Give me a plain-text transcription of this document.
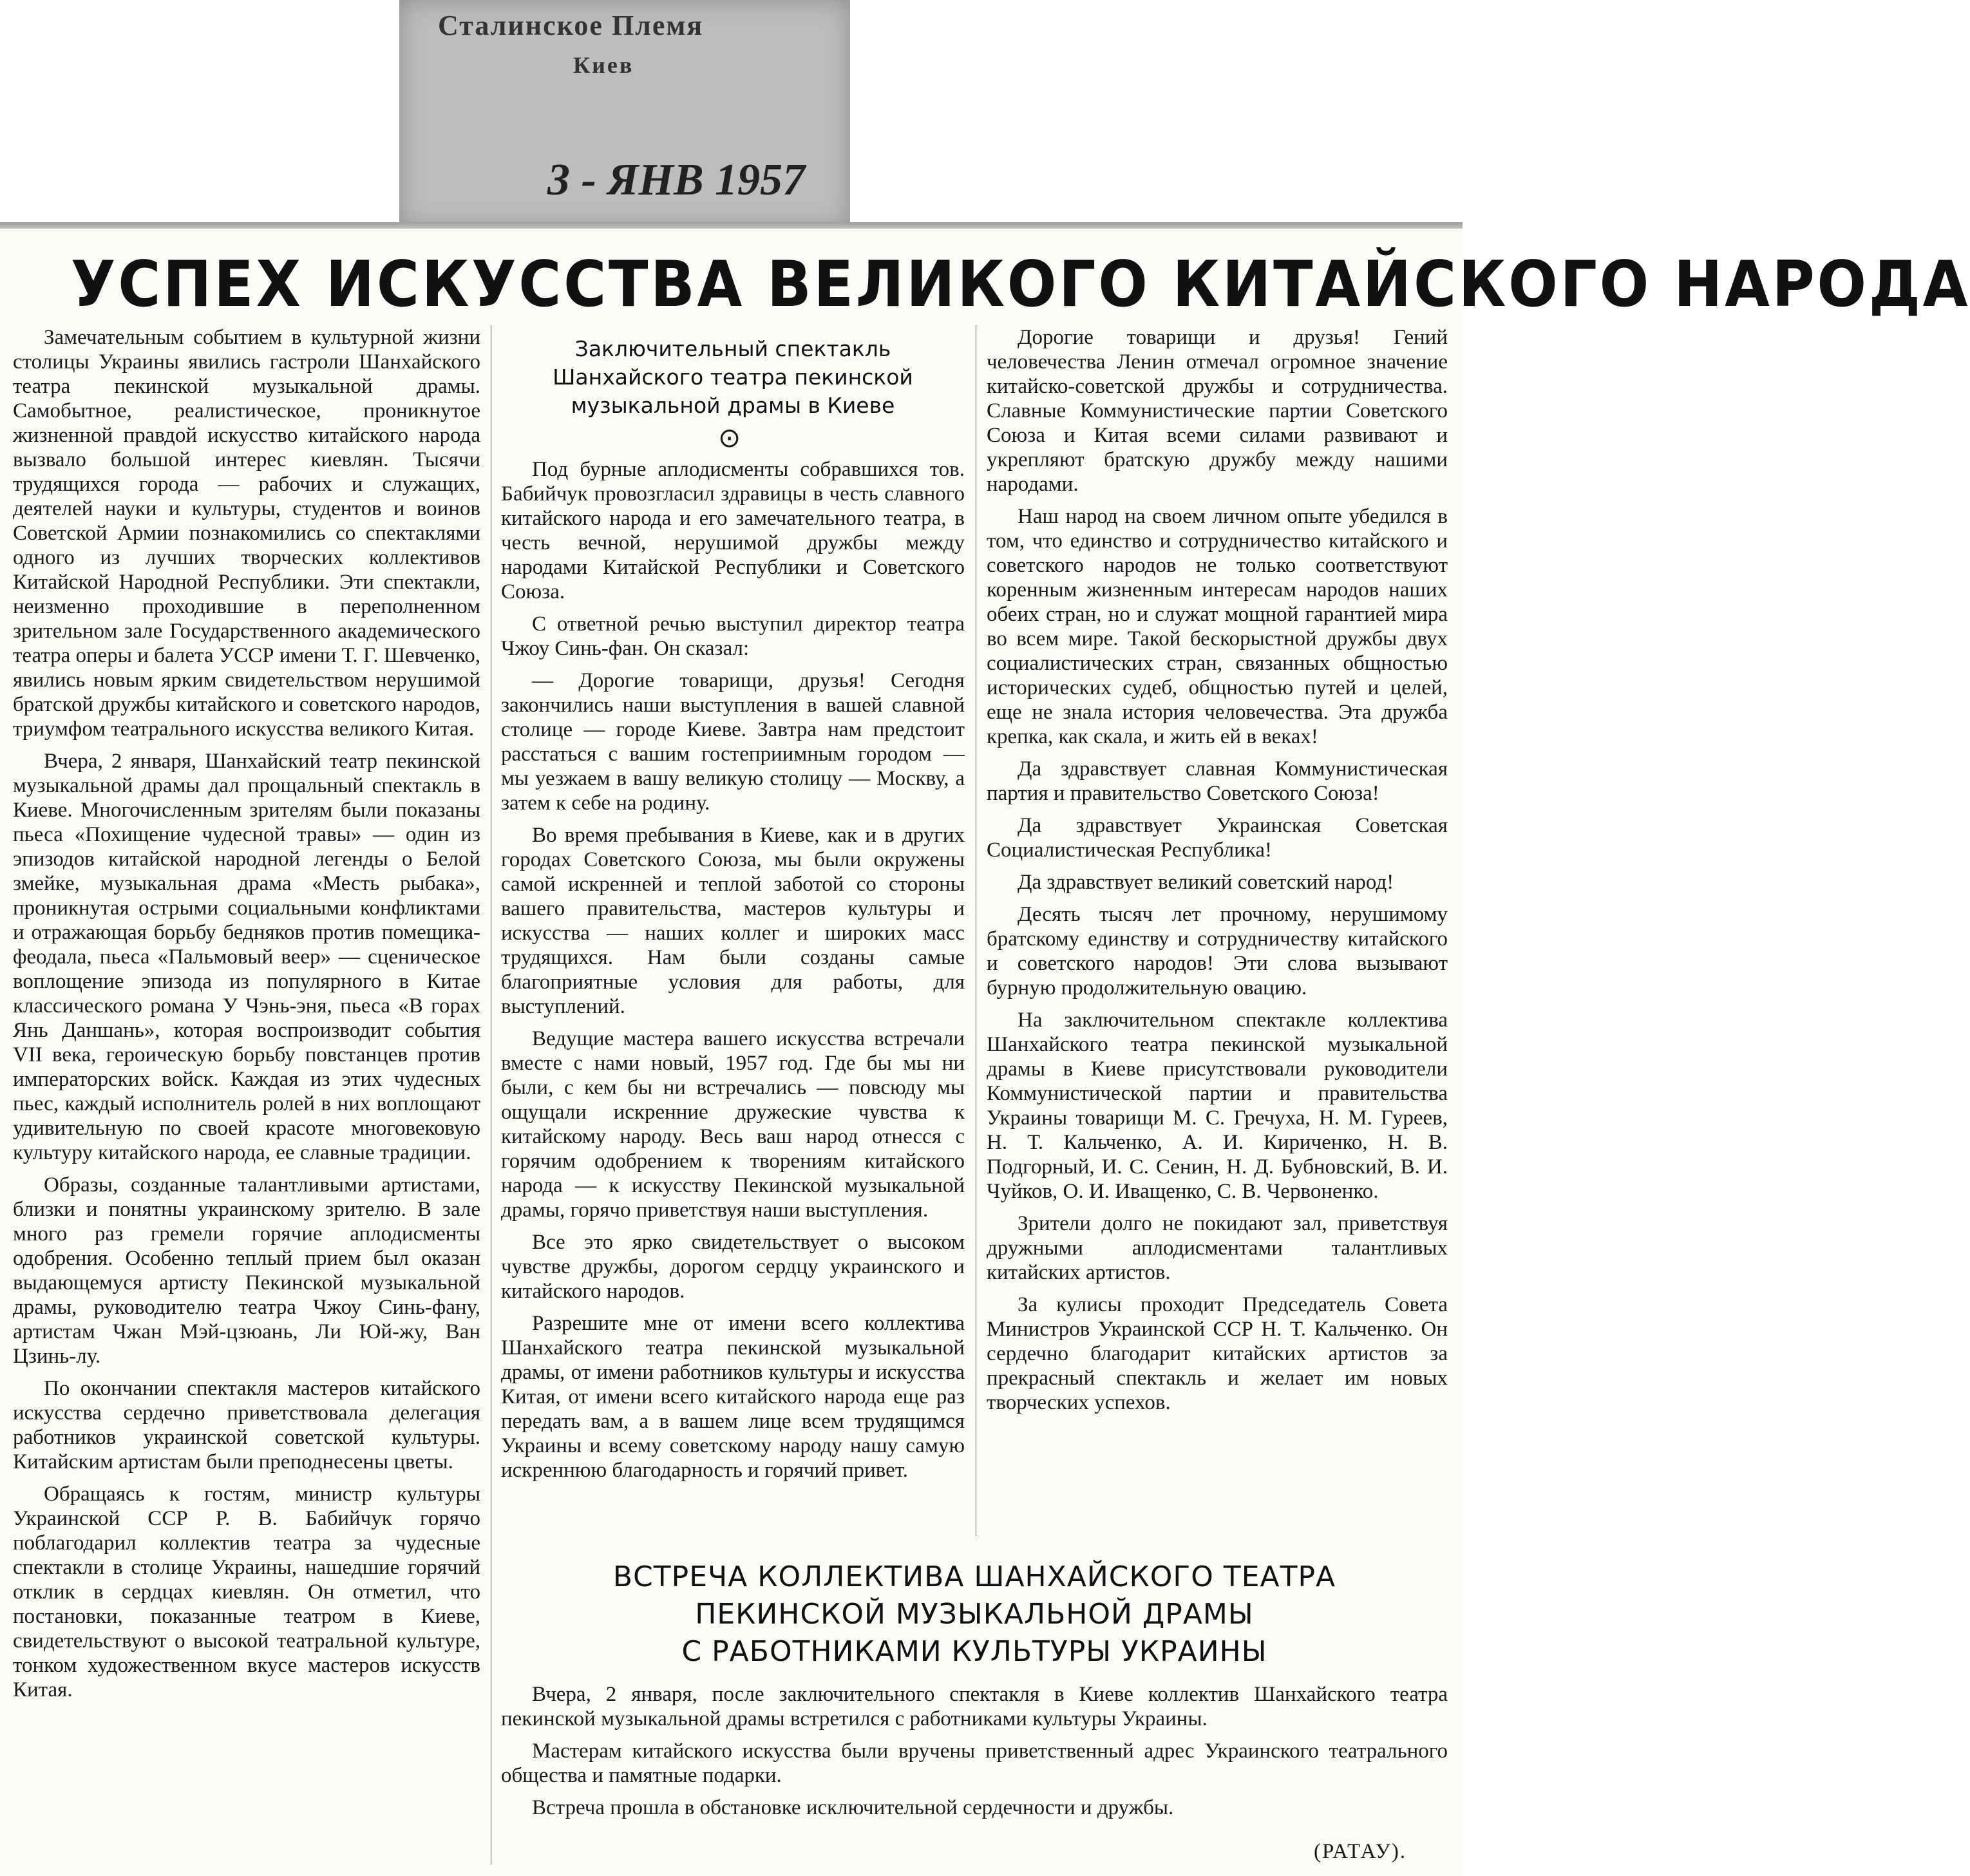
Сталинское Племя
Киев
3 - ЯНВ 1957
УСПЕХ ИСКУССТВА ВЕЛИКОГО КИТАЙСКОГО НАРОДА

Замечательным событием в культурной жизни столицы Украины явились гастроли Шанхайского театра пекинской музыкальной драмы. Самобытное, реалистическое, проникнутое жизненной правдой искусство китайского народа вызвало большой интерес киевлян. Тысячи трудящихся города — рабочих и служащих, деятелей науки и культуры, студентов и воинов Советской Армии познакомились со спектаклями одного из лучших творческих коллективов Китайской Народной Республики. Эти спектакли, неизменно проходившие в переполненном зрительном зале Государственного академического театра оперы и балета УССР имени Т. Г. Шевченко, явились новым ярким свидетельством нерушимой братской дружбы китайского и советского народов, триумфом театрального искусства великого Китая.

Вчера, 2 января, Шанхайский театр пекинской музыкальной драмы дал прощальный спектакль в Киеве. Многочисленным зрителям были показаны пьеса «Похищение чудесной травы» — один из эпизодов китайской народной легенды о Белой змейке, музыкальная драма «Месть рыбака», проникнутая острыми социальными конфликтами и отражающая борьбу бедняков против помещика-феодала, пьеса «Пальмовый веер» — сценическое воплощение эпизода из популярного в Китае классического романа У Чэнь-эня, пьеса «В горах Янь Даншань», которая воспроизводит события VII века, героическую борьбу повстанцев против императорских войск. Каждая из этих чудесных пьес, каждый исполнитель ролей в них воплощают удивительную по своей красоте многовековую культуру китайского народа, ее славные традиции.

Образы, созданные талантливыми артистами, близки и понятны украинскому зрителю. В зале много раз гремели горячие аплодисменты одобрения. Особенно теплый прием был оказан выдающемуся артисту Пекинской музыкальной драмы, руководителю театра Чжоу Синь-фану, артистам Чжан Мэй-цзюань, Ли Юй-жу, Ван Цзинь-лу.

По окончании спектакля мастеров китайского искусства сердечно приветствовала делегация работников украинской советской культуры. Китайским артистам были преподнесены цветы.

Обращаясь к гостям, министр культуры Украинской ССР Р. В. Бабийчук горячо поблагодарил коллектив театра за чудесные спектакли в столице Украины, нашедшие горячий отклик в сердцах киевлян. Он отметил, что постановки, показанные театром в Киеве, свидетельствуют о высокой театральной культуре, тонком художественном вкусе мастеров искусств Китая.

Заключительный спектакль Шанхайского театра пекинской музыкальной драмы в Киеве
⊙

Под бурные аплодисменты собравшихся тов. Бабийчук провозгласил здравицы в честь славного китайского народа и его замечательного театра, в честь вечной, нерушимой дружбы между народами Китайской Республики и Советского Союза.

С ответной речью выступил директор театра Чжоу Синь-фан. Он сказал:

— Дорогие товарищи, друзья! Сегодня закончились наши выступления в вашей славной столице — городе Киеве. Завтра нам предстоит расстаться с вашим гостеприимным городом — мы уезжаем в вашу великую столицу — Москву, а затем к себе на родину.

Во время пребывания в Киеве, как и в других городах Советского Союза, мы были окружены самой искренней и теплой заботой со стороны вашего правительства, мастеров культуры и искусства — наших коллег и широких масс трудящихся. Нам были созданы самые благоприятные условия для работы, для выступлений.

Ведущие мастера вашего искусства встречали вместе с нами новый, 1957 год. Где бы мы ни были, с кем бы ни встречались — повсюду мы ощущали искренние дружеские чувства к китайскому народу. Весь ваш народ отнесся с горячим одобрением к творениям китайского народа — к искусству Пекинской музыкальной драмы, горячо приветствуя наши выступления.

Все это ярко свидетельствует о высоком чувстве дружбы, дорогом сердцу украинского и китайского народов.

Разрешите мне от имени всего коллектива Шанхайского театра пекинской музыкальной драмы, от имени работников культуры и искусства Китая, от имени всего китайского народа еще раз передать вам, а в вашем лице всем трудящимся Украины и всему советскому народу нашу самую искреннюю благодарность и горячий привет.

Дорогие товарищи и друзья! Гений человечества Ленин отмечал огромное значение китайско-советской дружбы и сотрудничества. Славные Коммунистические партии Советского Союза и Китая всеми силами развивают и укрепляют братскую дружбу между нашими народами.

Наш народ на своем личном опыте убедился в том, что единство и сотрудничество китайского и советского народов не только соответствуют коренным жизненным интересам народов наших обеих стран, но и служат мощной гарантией мира во всем мире. Такой бескорыстной дружбы двух социалистических стран, связанных общностью исторических судеб, общностью путей и целей, еще не знала история человечества. Эта дружба крепка, как скала, и жить ей в веках!

Да здравствует славная Коммунистическая партия и правительство Советского Союза!

Да здравствует Украинская Советская Социалистическая Республика!

Да здравствует великий советский народ!

Десять тысяч лет прочному, нерушимому братскому единству и сотрудничеству китайского и советского народов! Эти слова вызывают бурную продолжительную овацию.

На заключительном спектакле коллектива Шанхайского театра пекинской музыкальной драмы в Киеве присутствовали руководители Коммунистической партии и правительства Украины товарищи М. С. Гречуха, Н. М. Гуреев, Н. Т. Кальченко, А. И. Кириченко, Н. В. Подгорный, И. С. Сенин, Н. Д. Бубновский, В. И. Чуйков, О. И. Иващенко, С. В. Червоненко.

Зрители долго не покидают зал, приветствуя дружными аплодисментами талантливых китайских артистов.

За кулисы проходит Председатель Совета Министров Украинской ССР Н. Т. Кальченко. Он сердечно благодарит китайских артистов за прекрасный спектакль и желает им новых творческих успехов.

ВСТРЕЧА КОЛЛЕКТИВА ШАНХАЙСКОГО ТЕАТРА
ПЕКИНСКОЙ МУЗЫКАЛЬНОЙ ДРАМЫ
С РАБОТНИКАМИ КУЛЬТУРЫ УКРАИНЫ

Вчера, 2 января, после заключительного спектакля в Киеве коллектив Шанхайского театра пекинской музыкальной драмы встретился с работниками культуры Украины.

Мастерам китайского искусства были вручены приветственный адрес Украинского театрального общества и памятные подарки.

Встреча прошла в обстановке исключительной сердечности и дружбы.

(РАТАУ).
